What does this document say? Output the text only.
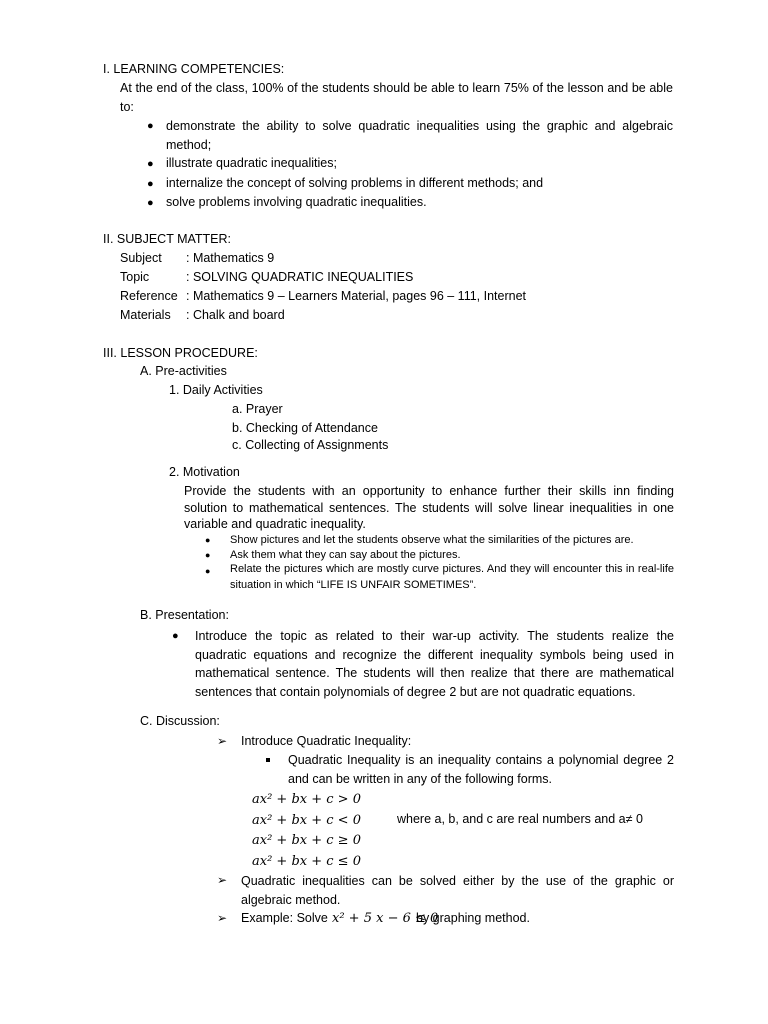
I. LEARNING COMPETENCIES:
At the end of the class, 100% of the students should be able to learn 75% of the lesson and be able to:
● demonstrate the ability to solve quadratic inequalities using the graphic and algebraic method;
● illustrate quadratic inequalities;
● internalize the concept of solving problems in different methods; and
● solve problems involving quadratic inequalities.
II. SUBJECT MATTER:
Subject : Mathematics 9
Topic	: SOLVING QUADRATIC INEQUALITIES
Reference : Mathematics 9 – Learners Material, pages 96 – 111, Internet
Materials : Chalk and board
III. LESSON PROCEDURE:
A. Pre-activities
1. Daily Activities
a. Prayer
b. Checking of Attendance
c. Collecting of Assignments
2. Motivation
Provide the students with an opportunity to enhance further their skills inn finding solution to mathematical sentences. The students will solve linear inequalities in one variable and quadratic inequality.
● Show pictures and let the students observe what the similarities of the pictures are.
● Ask them what they can say about the pictures.
● Relate the pictures which are mostly curve pictures. And they will encounter this in real-life situation in which “LIFE IS UNFAIR SOMETIMES”.
B. Presentation:
● Introduce the topic as related to their war-up activity. The students realize the quadratic equations and recognize the different inequality symbols being used in mathematical sentence. The students will then realize that there are mathematical sentences that contain polynomials of degree 2 but are not quadratic equations.
C. Discussion:
➢ Introduce Quadratic Inequality:
Quadratic Inequality is an inequality contains a polynomial degree 2 and can be written in any of the following forms.
ax² + bx + c > 0
ax² + bx + c < 0
ax² + bx + c ≥ 0
ax² + bx + c ≤ 0
where a, b, and c are real numbers and a≠ 0
➢ Quadratic inequalities can be solved either by the use of the graphic or algebraic method.
➢ Example: Solve x² + 5 x − 6 ≤ 0
by graphing method.
